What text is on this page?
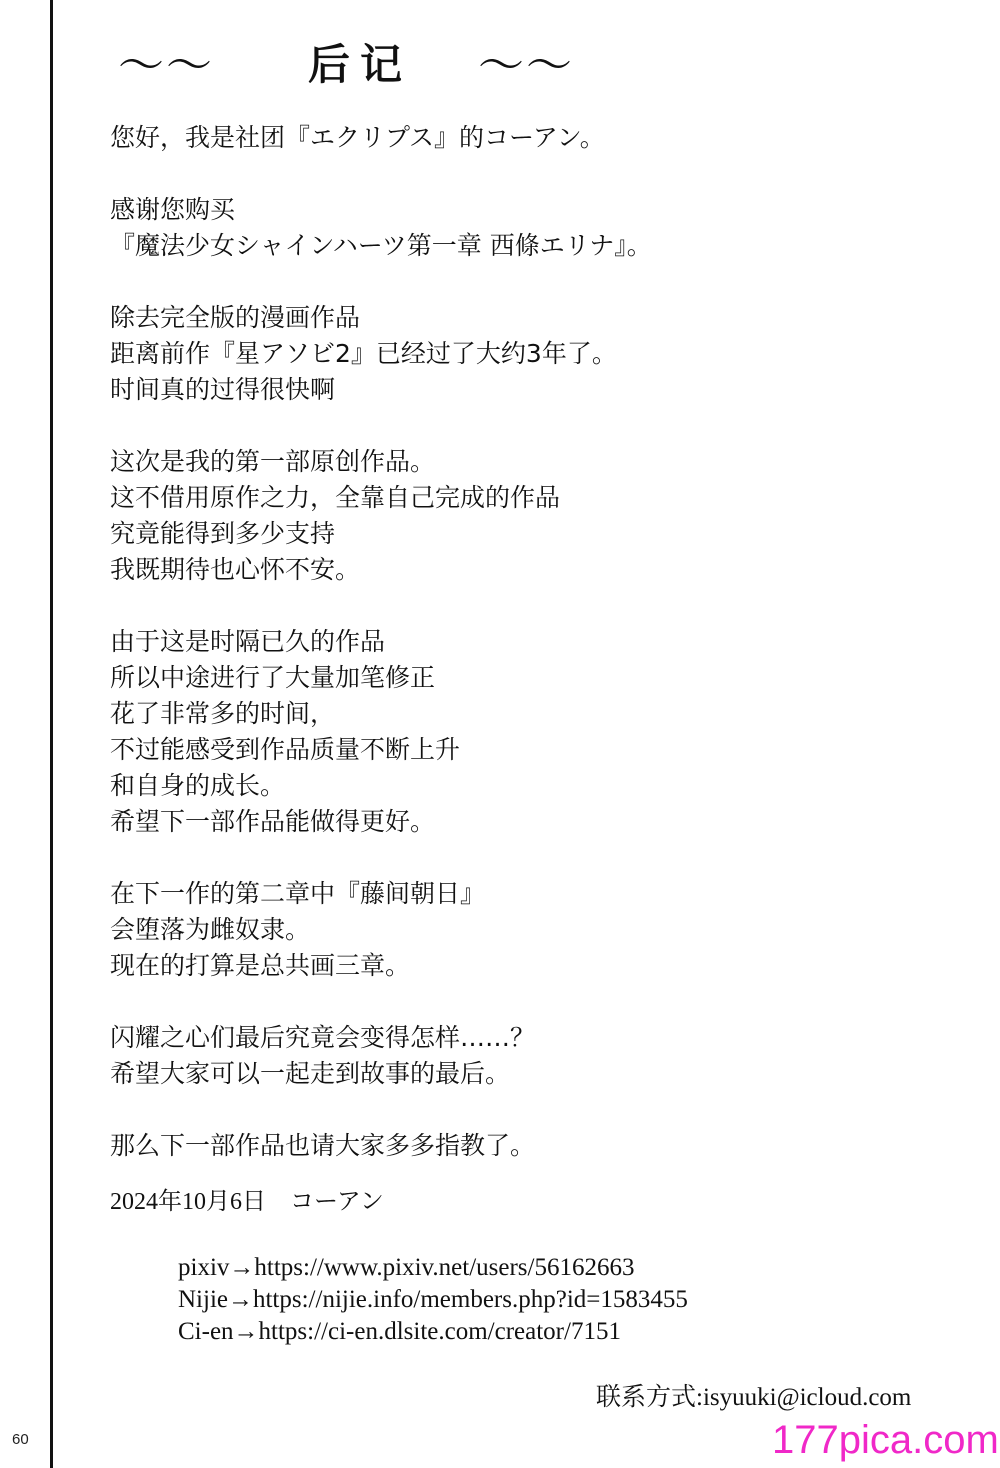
60
〜〜 后记 〜〜
您好，我是社团『エクリプス』的コーアン。
感谢您购买
『魔法少女シャインハーツ第一章 西條エリナ』。
除去完全版的漫画作品
距离前作『星アソビ2』已经过了大约3年了。
时间真的过得很快啊
这次是我的第一部原创作品。
这不借用原作之力，全靠自己完成的作品
究竟能得到多少支持
我既期待也心怀不安。
由于这是时隔已久的作品
所以中途进行了大量加笔修正
花了非常多的时间，
不过能感受到作品质量不断上升
和自身的成长。
希望下一部作品能做得更好。
在下一作的第二章中『藤间朝日』
会堕落为雌奴隶。
现在的打算是总共画三章。
闪耀之心们最后究竟会变得怎样……？
希望大家可以一起走到故事的最后。
那么下一部作品也请大家多多指教了。
2024年10月6日　コーアン
pixiv→https://www.pixiv.net/users/56162663
Nijie→https://nijie.info/members.php?id=1583455
Ci-en→https://ci-en.dlsite.com/creator/7151
联系方式:isyuuki@icloud.com
177pica.com
